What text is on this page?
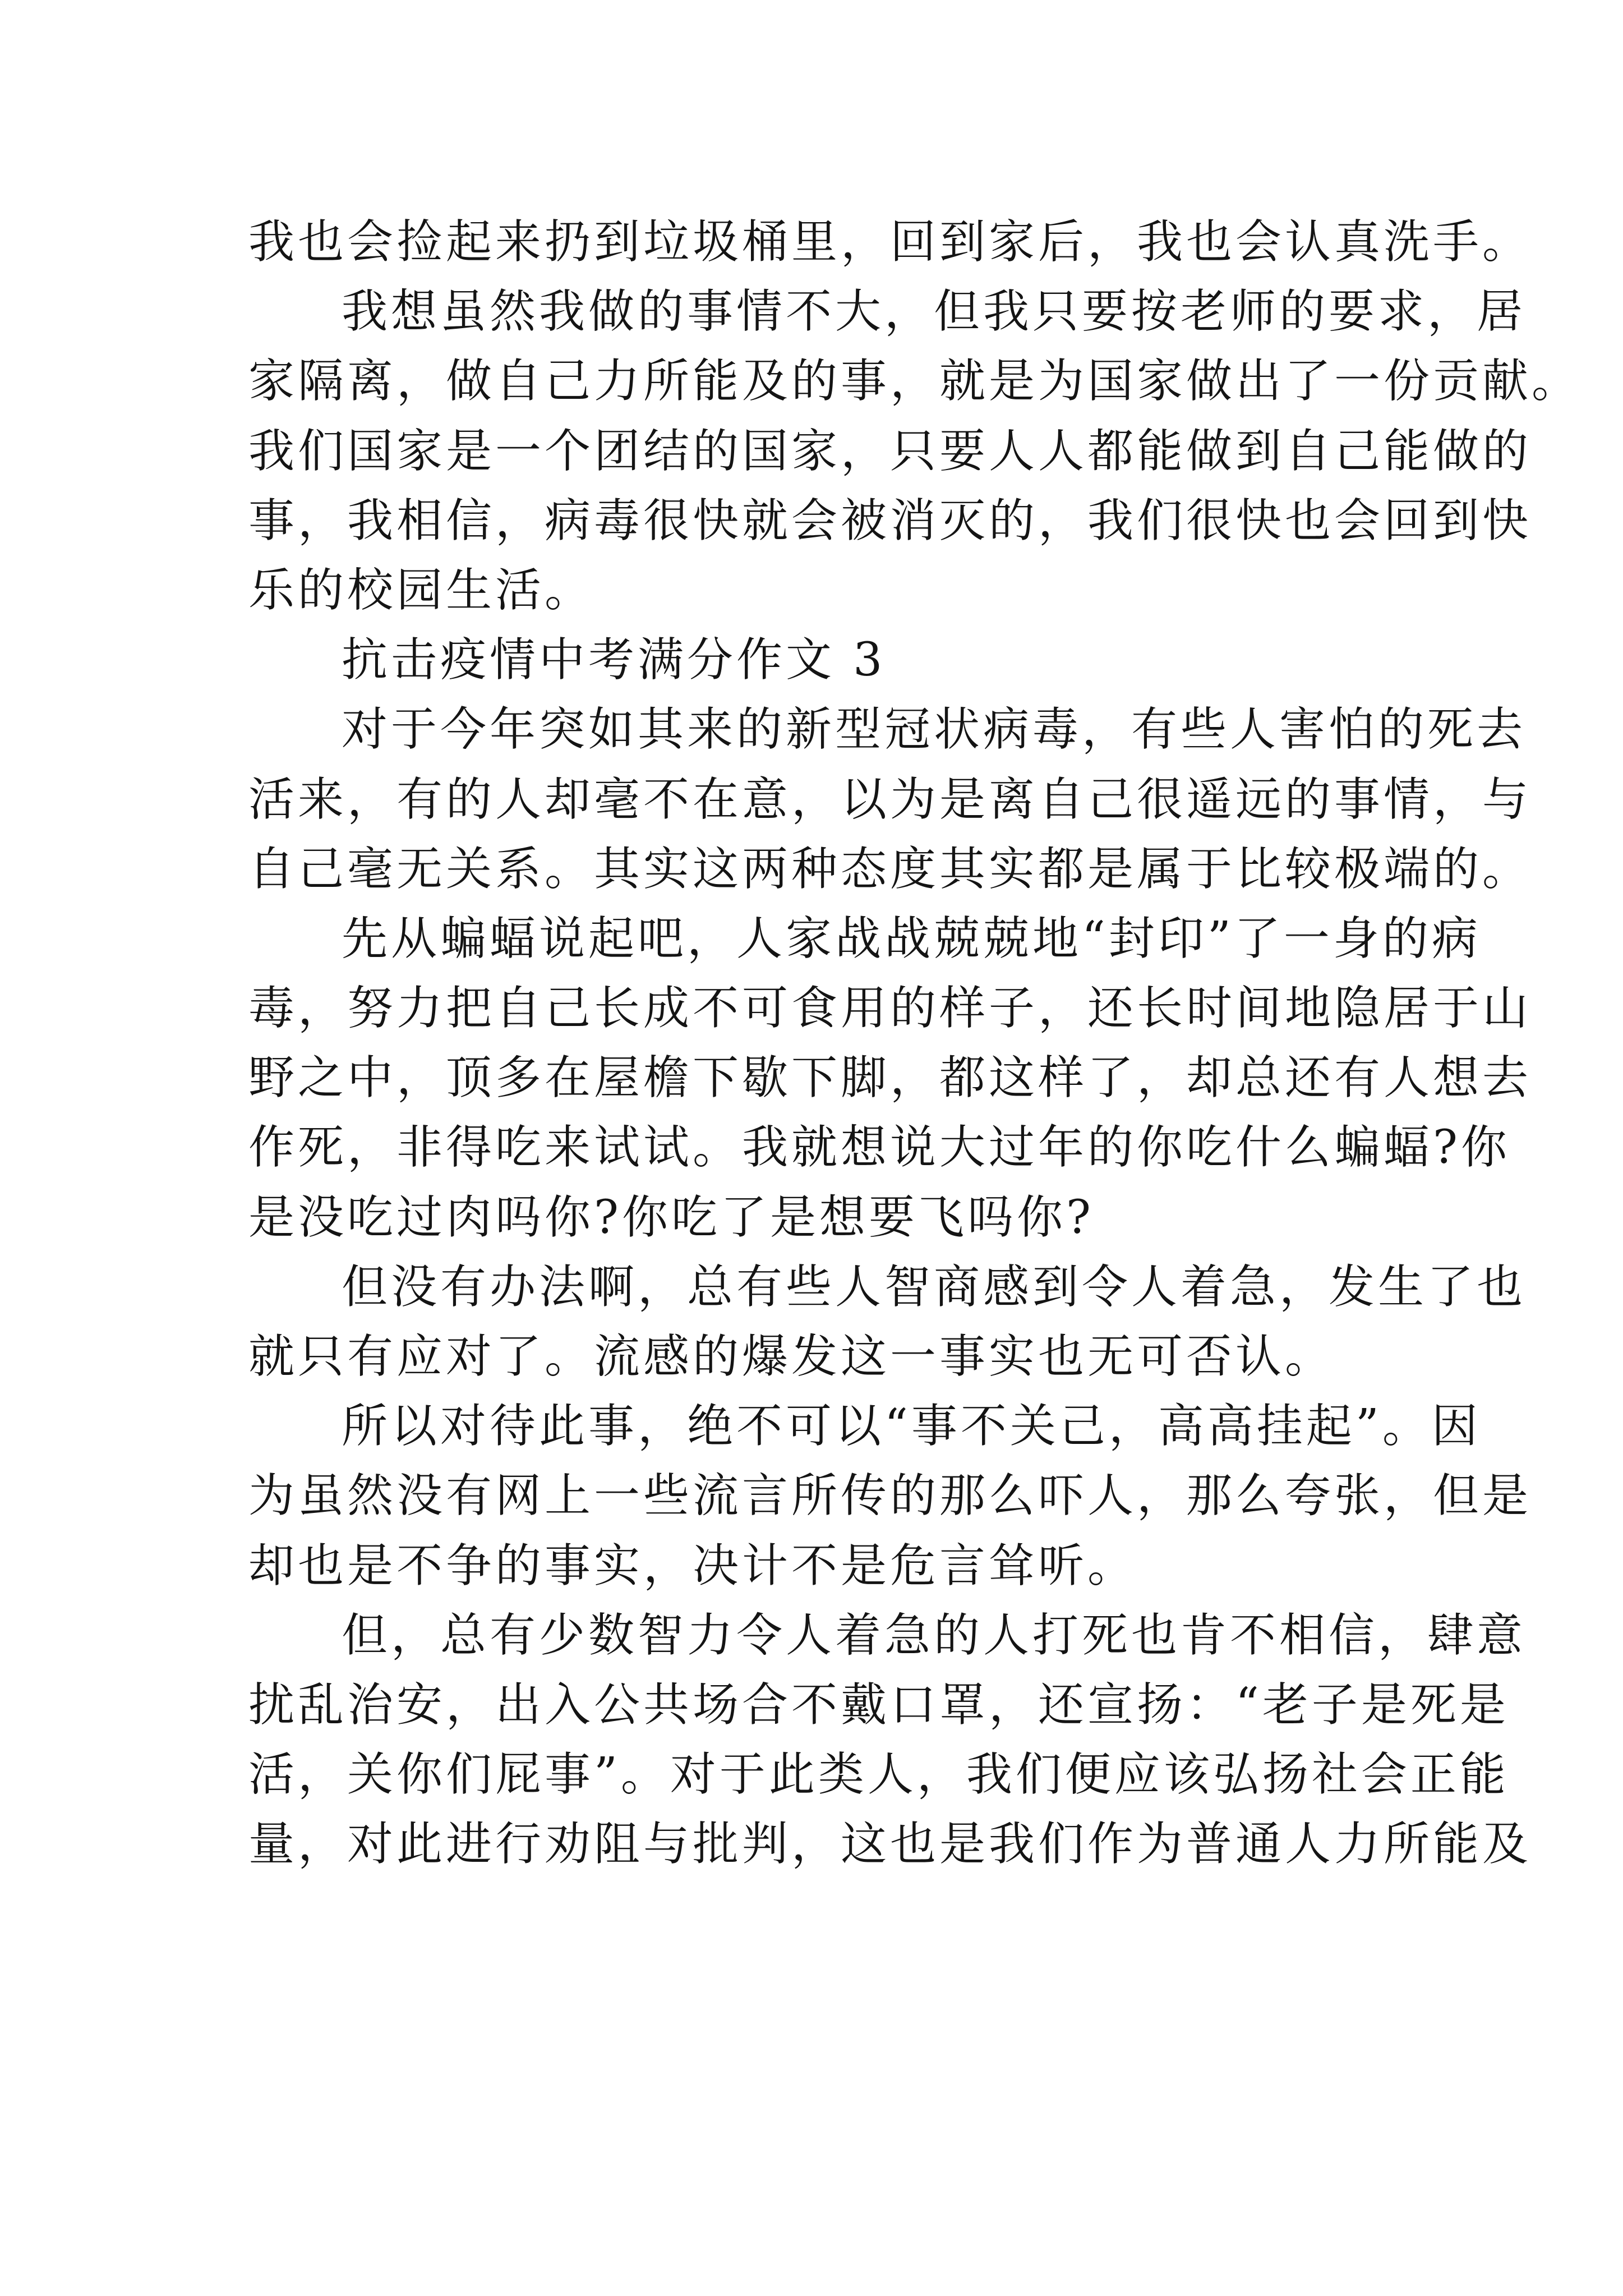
我也会捡起来扔到垃圾桶里，回到家后，我也会认真洗手。
我想虽然我做的事情不大，但我只要按老师的要求，居
家隔离，做自己力所能及的事，就是为国家做出了一份贡献。
我们国家是一个团结的国家，只要人人都能做到自己能做的
事，我相信，病毒很快就会被消灭的，我们很快也会回到快
乐的校园生活。
抗击疫情中考满分作文 3
对于今年突如其来的新型冠状病毒，有些人害怕的死去
活来，有的人却毫不在意，以为是离自己很遥远的事情，与
自己毫无关系。其实这两种态度其实都是属于比较极端的。
先从蝙蝠说起吧，人家战战兢兢地“封印”了一身的病
毒，努力把自己长成不可食用的样子，还长时间地隐居于山
野之中，顶多在屋檐下歇下脚，都这样了，却总还有人想去
作死，非得吃来试试。我就想说大过年的你吃什么蝙蝠?你
是没吃过肉吗你?你吃了是想要飞吗你?
但没有办法啊，总有些人智商感到令人着急，发生了也
就只有应对了。流感的爆发这一事实也无可否认。
所以对待此事，绝不可以“事不关己，高高挂起”。因
为虽然没有网上一些流言所传的那么吓人，那么夸张，但是
却也是不争的事实，决计不是危言耸听。
但，总有少数智力令人着急的人打死也肯不相信，肆意
扰乱治安，出入公共场合不戴口罩，还宣扬：“老子是死是
活，关你们屁事”。对于此类人，我们便应该弘扬社会正能
量，对此进行劝阻与批判，这也是我们作为普通人力所能及
